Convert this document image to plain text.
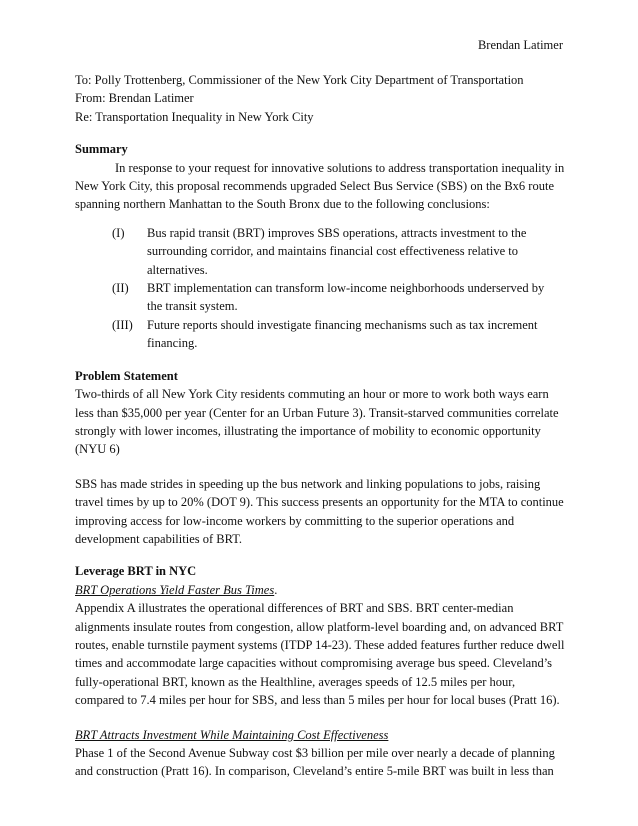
Brendan Latimer
To: Polly Trottenberg, Commissioner of the New York City Department of Transportation
From: Brendan Latimer
Re: Transportation Inequality in New York City
Summary

In response to your request for innovative solutions to address transportation inequality in New York City, this proposal recommends upgraded Select Bus Service (SBS) on the Bx6 route spanning northern Manhattan to the South Bronx due to the following conclusions:

(I)	Bus rapid transit (BRT) improves SBS operations, attracts investment to the surrounding corridor, and maintains financial cost effectiveness relative to alternatives.
(II)	BRT implementation can transform low-income neighborhoods underserved by the transit system.
(III)	Future reports should investigate financing mechanisms such as tax increment financing.
Problem Statement

Two-thirds of all New York City residents commuting an hour or more to work both ways earn less than $35,000 per year (Center for an Urban Future 3). Transit-starved communities correlate strongly with lower incomes, illustrating the importance of mobility to economic opportunity (NYU 6)

SBS has made strides in speeding up the bus network and linking populations to jobs, raising travel times by up to 20% (DOT 9). This success presents an opportunity for the MTA to continue improving access for low-income workers by committing to the superior operations and development capabilities of BRT.

Leverage BRT in NYC
BRT Operations Yield Faster Bus Times.

Appendix A illustrates the operational differences of BRT and SBS. BRT center-median alignments insulate routes from congestion, allow platform-level boarding and, on advanced BRT routes, enable turnstile payment systems (ITDP 14-23). These added features further reduce dwell times and accommodate large capacities without compromising average bus speed. Cleveland’s fully-operational BRT, known as the Healthline, averages speeds of 12.5 miles per hour, compared to 7.4 miles per hour for SBS, and less than 5 miles per hour for local buses (Pratt 16).

BRT Attracts Investment While Maintaining Cost Effectiveness

Phase 1 of the Second Avenue Subway cost $3 billion per mile over nearly a decade of planning and construction (Pratt 16). In comparison, Cleveland’s entire 5-mile BRT was built in less than
